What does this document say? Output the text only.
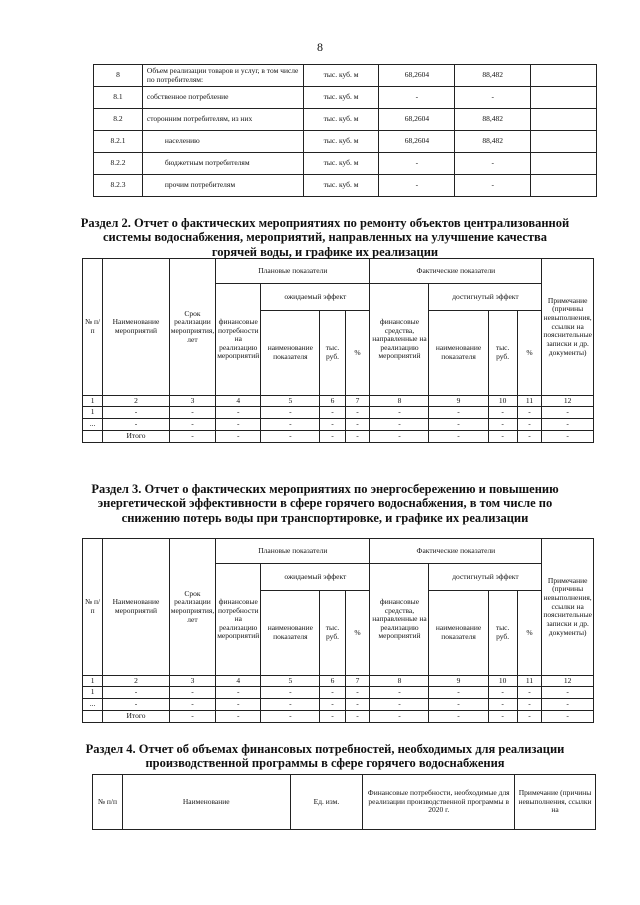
8
8	Объем реализации товаров и услуг, в том числе по потребителям:	тыс. куб. м	68,2604	88,482	
8.1	собственное потребление	тыс. куб. м	-	-	
8.2	сторонним потребителям, из них	тыс. куб. м	68,2604	88,482	
8.2.1	населению	тыс. куб. м	68,2604	88,482	
8.2.2	бюджетным потребителям	тыс. куб. м	-	-	
8.2.3	прочим потребителям	тыс. куб. м	-	-	
Раздел 2. Отчет о фактических мероприятиях по ремонту объектов централизованной системы водоснабжения, мероприятий, направленных на улучшение качества горячей воды, и графике их реализации
№ п/п	Наименование мероприятий	Срок реализации мероприятия, лет	Плановые показатели				Фактические показатели				Примечание (причины невыполнения, ссылки на пояснительные записки и др. документы)
			финансовые потребности на реализацию мероприятий	ожидаемый эффект			финансовые средства, направленные на реализацию мероприятий	достигнутый эффект			
				наименование показателя	тыс. руб.	%		наименование показателя	тыс. руб.	%	
1	2	3	4	5	6	7	8	9	10	11	12
1	-	-	-	-	-	-	-	-	-	-	-
...	-	-	-	-	-	-	-	-	-	-	-
	Итого	-	-	-	-	-	-	-	-	-	-
Раздел 3. Отчет о фактических мероприятиях по энергосбережению и повышению энергетической эффективности в сфере горячего водоснабжения, в том числе по снижению потерь воды при транспортировке, и графике их реализации
№ п/п	Наименование мероприятий	Срок реализации мероприятия, лет	Плановые показатели				Фактические показатели				Примечание (причины невыполнения, ссылки на пояснительные записки и др. документы)
			финансовые потребности на реализацию мероприятий	ожидаемый эффект			финансовые средства, направленные на реализацию мероприятий	достигнутый эффект			
				наименование показателя	тыс. руб.	%		наименование показателя	тыс. руб.	%	
1	2	3	4	5	6	7	8	9	10	11	12
1	-	-	-	-	-	-	-	-	-	-	-
...	-	-	-	-	-	-	-	-	-	-	-
	Итого	-	-	-	-	-	-	-	-	-	-
Раздел 4. Отчет об объемах финансовых потребностей, необходимых для реализации производственной программы в сфере горячего водоснабжения
№ п/п	Наименование	Ед. изм.	Финансовые потребности, необходимые для реализации производственной программы в 2020 г.	Примечание (причины невыполнения, ссылки на
